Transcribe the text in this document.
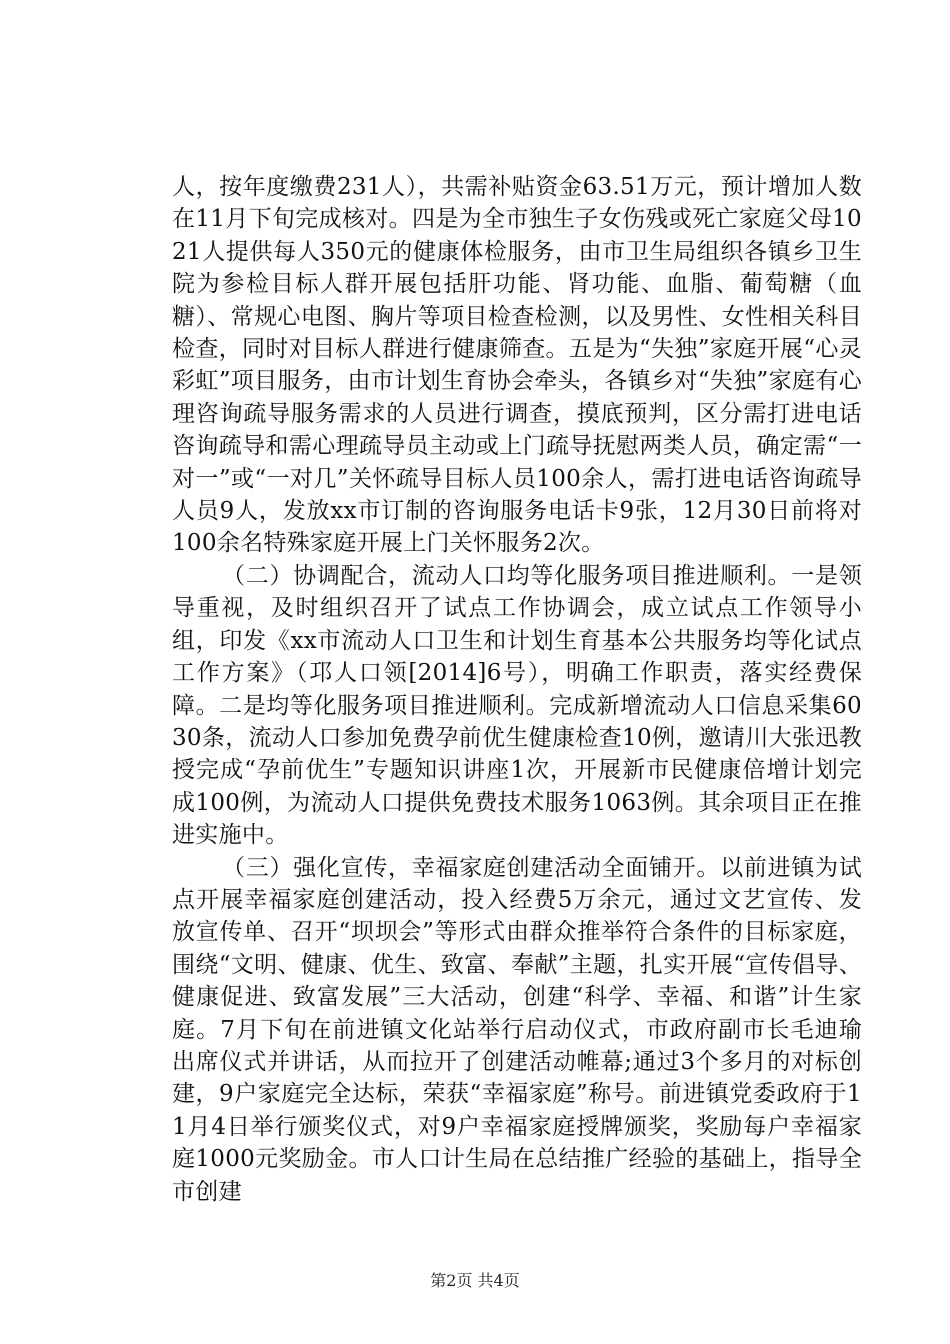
人，按年度缴费231人），共需补贴资金63.51万元，预计增加人数在11月下旬完成核对。四是为全市独生子女伤残或死亡家庭父母1021人提供每人350元的健康体检服务，由市卫生局组织各镇乡卫生院为参检目标人群开展包括肝功能、肾功能、血脂、葡萄糖（血糖）、常规心电图、胸片等项目检查检测，以及男性、女性相关科目检查，同时对目标人群进行健康筛查。五是为“失独”家庭开展“心灵彩虹”项目服务，由市计划生育协会牵头，各镇乡对“失独”家庭有心理咨询疏导服务需求的人员进行调查，摸底预判，区分需打进电话咨询疏导和需心理疏导员主动或上门疏导抚慰两类人员，确定需“一对一”或“一对几”关怀疏导目标人员100余人，需打进电话咨询疏导人员9人，发放xx市订制的咨询服务电话卡9张，12月30日前将对100余名特殊家庭开展上门关怀服务2次。

（二）协调配合，流动人口均等化服务项目推进顺利。一是领导重视，及时组织召开了试点工作协调会，成立试点工作领导小组，印发《xx市流动人口卫生和计划生育基本公共服务均等化试点工作方案》（邛人口领[2014]6号），明确工作职责，落实经费保障。二是均等化服务项目推进顺利。完成新增流动人口信息采集6030条，流动人口参加免费孕前优生健康检查10例，邀请川大张迅教授完成“孕前优生”专题知识讲座1次，开展新市民健康倍增计划完成100例，为流动人口提供免费技术服务1063例。其余项目正在推进实施中。

（三）强化宣传，幸福家庭创建活动全面铺开。以前进镇为试点开展幸福家庭创建活动，投入经费5万余元，通过文艺宣传、发放宣传单、召开“坝坝会”等形式由群众推举符合条件的目标家庭，围绕“文明、健康、优生、致富、奉献”主题，扎实开展“宣传倡导、健康促进、致富发展”三大活动，创建“科学、幸福、和谐”计生家庭。7月下旬在前进镇文化站举行启动仪式，市政府副市长毛迪瑜出席仪式并讲话，从而拉开了创建活动帷幕;通过3个多月的对标创建，9户家庭完全达标，荣获“幸福家庭”称号。前进镇党委政府于11月4日举行颁奖仪式，对9户幸福家庭授牌颁奖，奖励每户幸福家庭1000元奖励金。市人口计生局在总结推广经验的基础上，指导全市创建

第2页 共4页
